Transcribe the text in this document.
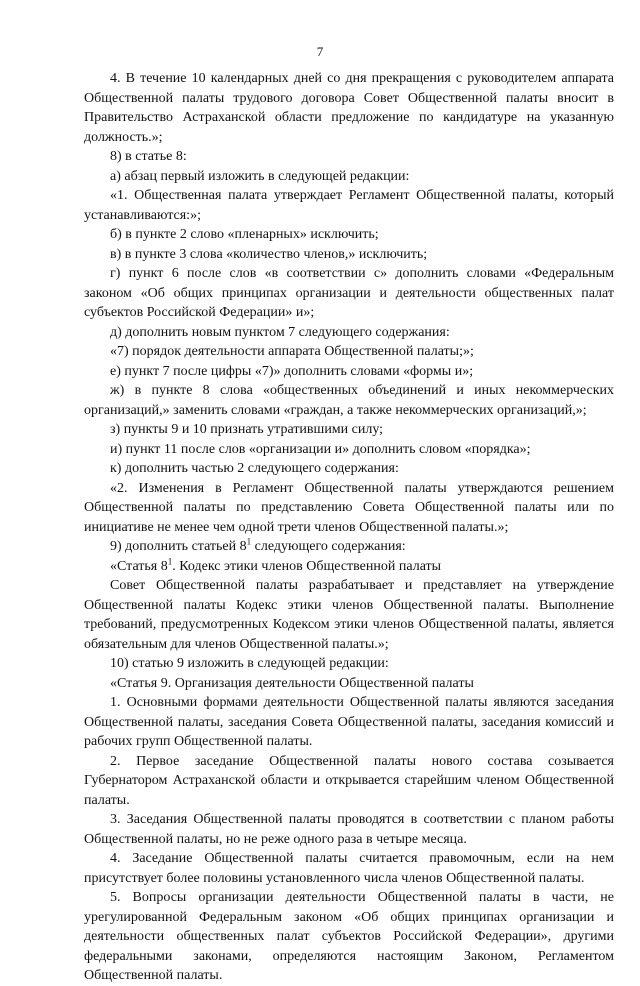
7

4. В течение 10 календарных дней со дня прекращения с руководителем аппарата Общественной палаты трудового договора Совет Общественной палаты вносит в Правительство Астраханской области предложение по кандидатуре на указанную должность.»;

8) в статье 8:

а) абзац первый изложить в следующей редакции:

«1. Общественная палата утверждает Регламент Общественной палаты, который устанавливаются:»;

б) в пункте 2 слово «пленарных» исключить;

в) в пункте 3 слова «количество членов,» исключить;

г) пункт 6 после слов «в соответствии с» дополнить словами «Федеральным законом «Об общих принципах организации и деятельности общественных палат субъектов Российской Федерации» и»;

д) дополнить новым пунктом 7 следующего содержания:

«7) порядок деятельности аппарата Общественной палаты;»;

е) пункт 7 после цифры «7)» дополнить словами «формы и»;

ж) в пункте 8 слова «общественных объединений и иных некоммерческих организаций,» заменить словами «граждан, а также некоммерческих организаций,»;

з) пункты 9 и 10 признать утратившими силу;

и) пункт 11 после слов «организации и» дополнить словом «порядка»;

к) дополнить частью 2 следующего содержания:

«2. Изменения в Регламент Общественной палаты утверждаются решением Общественной палаты по представлению Совета Общественной палаты или по инициативе не менее чем одной трети членов Общественной палаты.»;

9) дополнить статьей $8^1$ следующего содержания:

«Статья $8^1$. Кодекс этики членов Общественной палаты

Совет Общественной палаты разрабатывает и представляет на утверждение Общественной палаты Кодекс этики членов Общественной палаты. Выполнение требований, предусмотренных Кодексом этики членов Общественной палаты, является обязательным для членов Общественной палаты.»;

10) статью 9 изложить в следующей редакции:

«Статья 9. Организация деятельности Общественной палаты

1. Основными формами деятельности Общественной палаты являются заседания Общественной палаты, заседания Совета Общественной палаты, заседания комиссий и рабочих групп Общественной палаты.

2. Первое заседание Общественной палаты нового состава созывается Губернатором Астраханской области и открывается старейшим членом Общественной палаты.

3. Заседания Общественной палаты проводятся в соответствии с планом работы Общественной палаты, но не реже одного раза в четыре месяца.

4. Заседание Общественной палаты считается правомочным, если на нем присутствует более половины установленного числа членов Общественной палаты.

5. Вопросы организации деятельности Общественной палаты в части, не урегулированной Федеральным законом «Об общих принципах организации и деятельности общественных палат субъектов Российской Федерации», другими федеральными законами, определяются настоящим Законом, Регламентом Общественной палаты.
